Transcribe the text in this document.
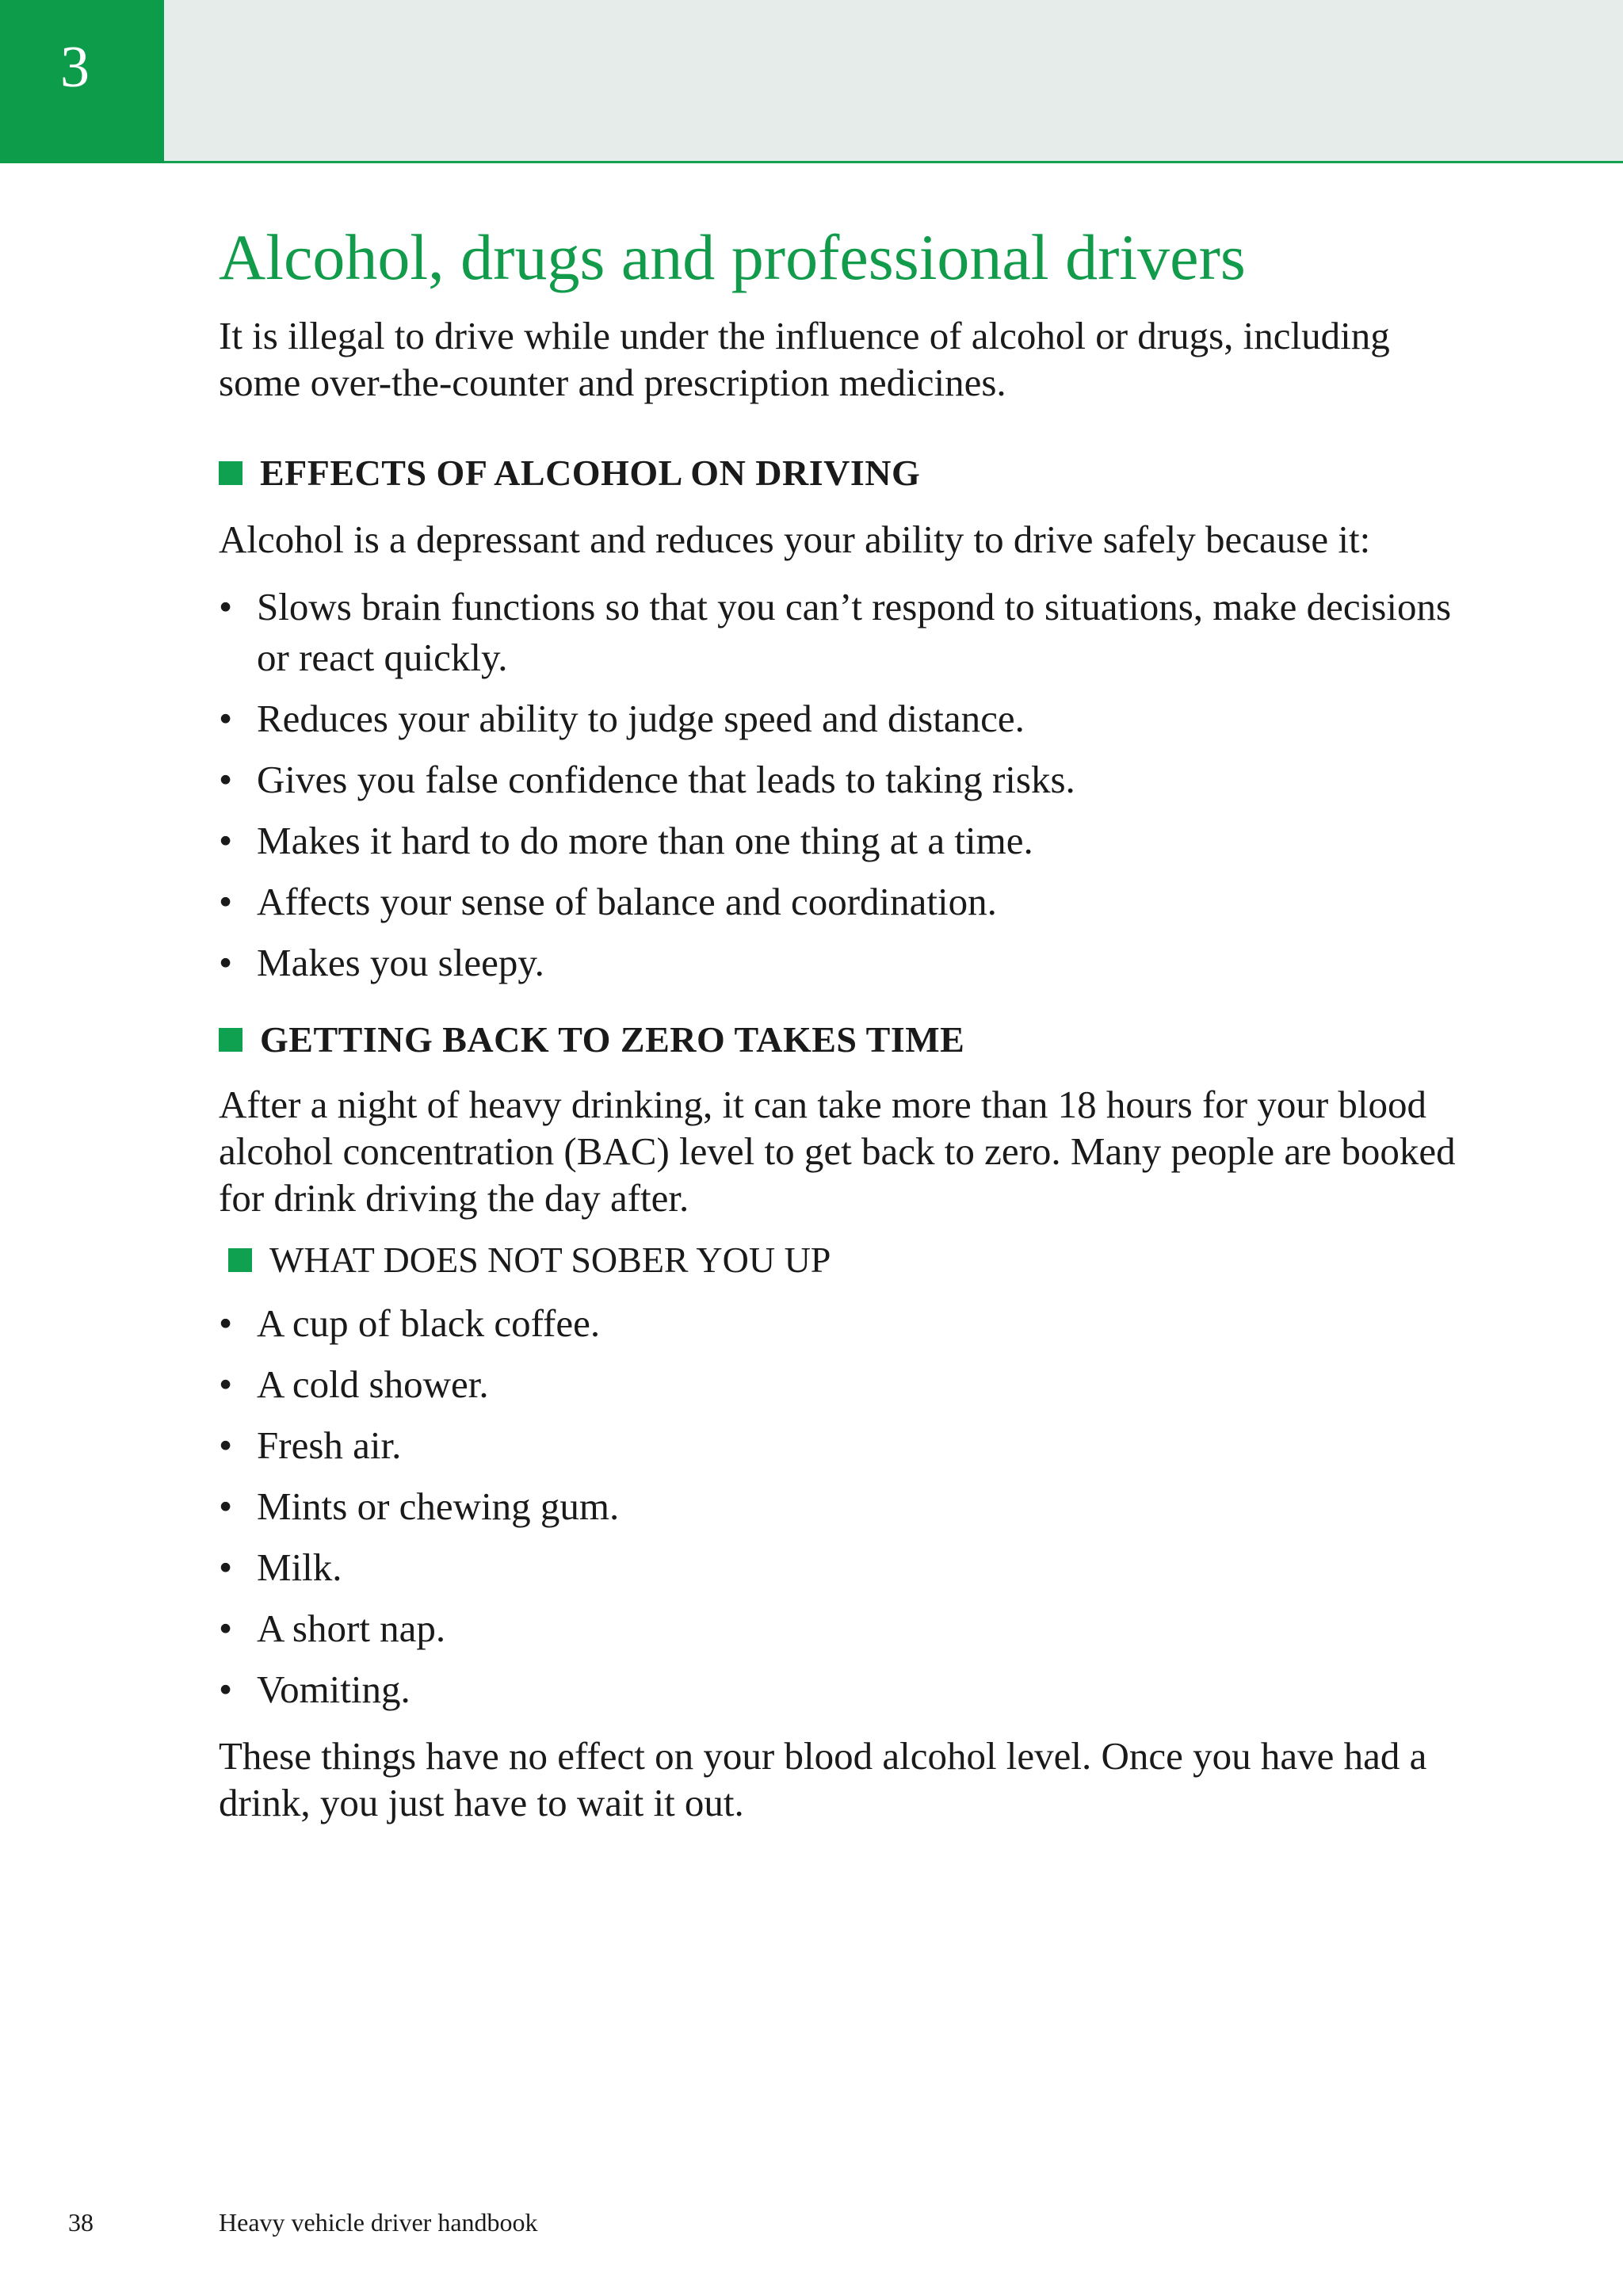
3
Alcohol, drugs and professional drivers

It is illegal to drive while under the influence of alcohol or drugs, including some over-the-counter and prescription medicines.

EFFECTS OF ALCOHOL ON DRIVING

Alcohol is a depressant and reduces your ability to drive safely because it:

• Slows brain functions so that you can’t respond to situations, make decisions or react quickly.
• Reduces your ability to judge speed and distance.
• Gives you false confidence that leads to taking risks.
• Makes it hard to do more than one thing at a time.
• Affects your sense of balance and coordination.
• Makes you sleepy.
GETTING BACK TO ZERO TAKES TIME

After a night of heavy drinking, it can take more than 18 hours for your blood alcohol concentration (BAC) level to get back to zero. Many people are booked for drink driving the day after.

WHAT DOES NOT SOBER YOU UP
• A cup of black coffee.
• A cold shower.
• Fresh air.
• Mints or chewing gum.
• Milk.
• A short nap.
• Vomiting.

These things have no effect on your blood alcohol level. Once you have had a drink, you just have to wait it out.

38	Heavy vehicle driver handbook
